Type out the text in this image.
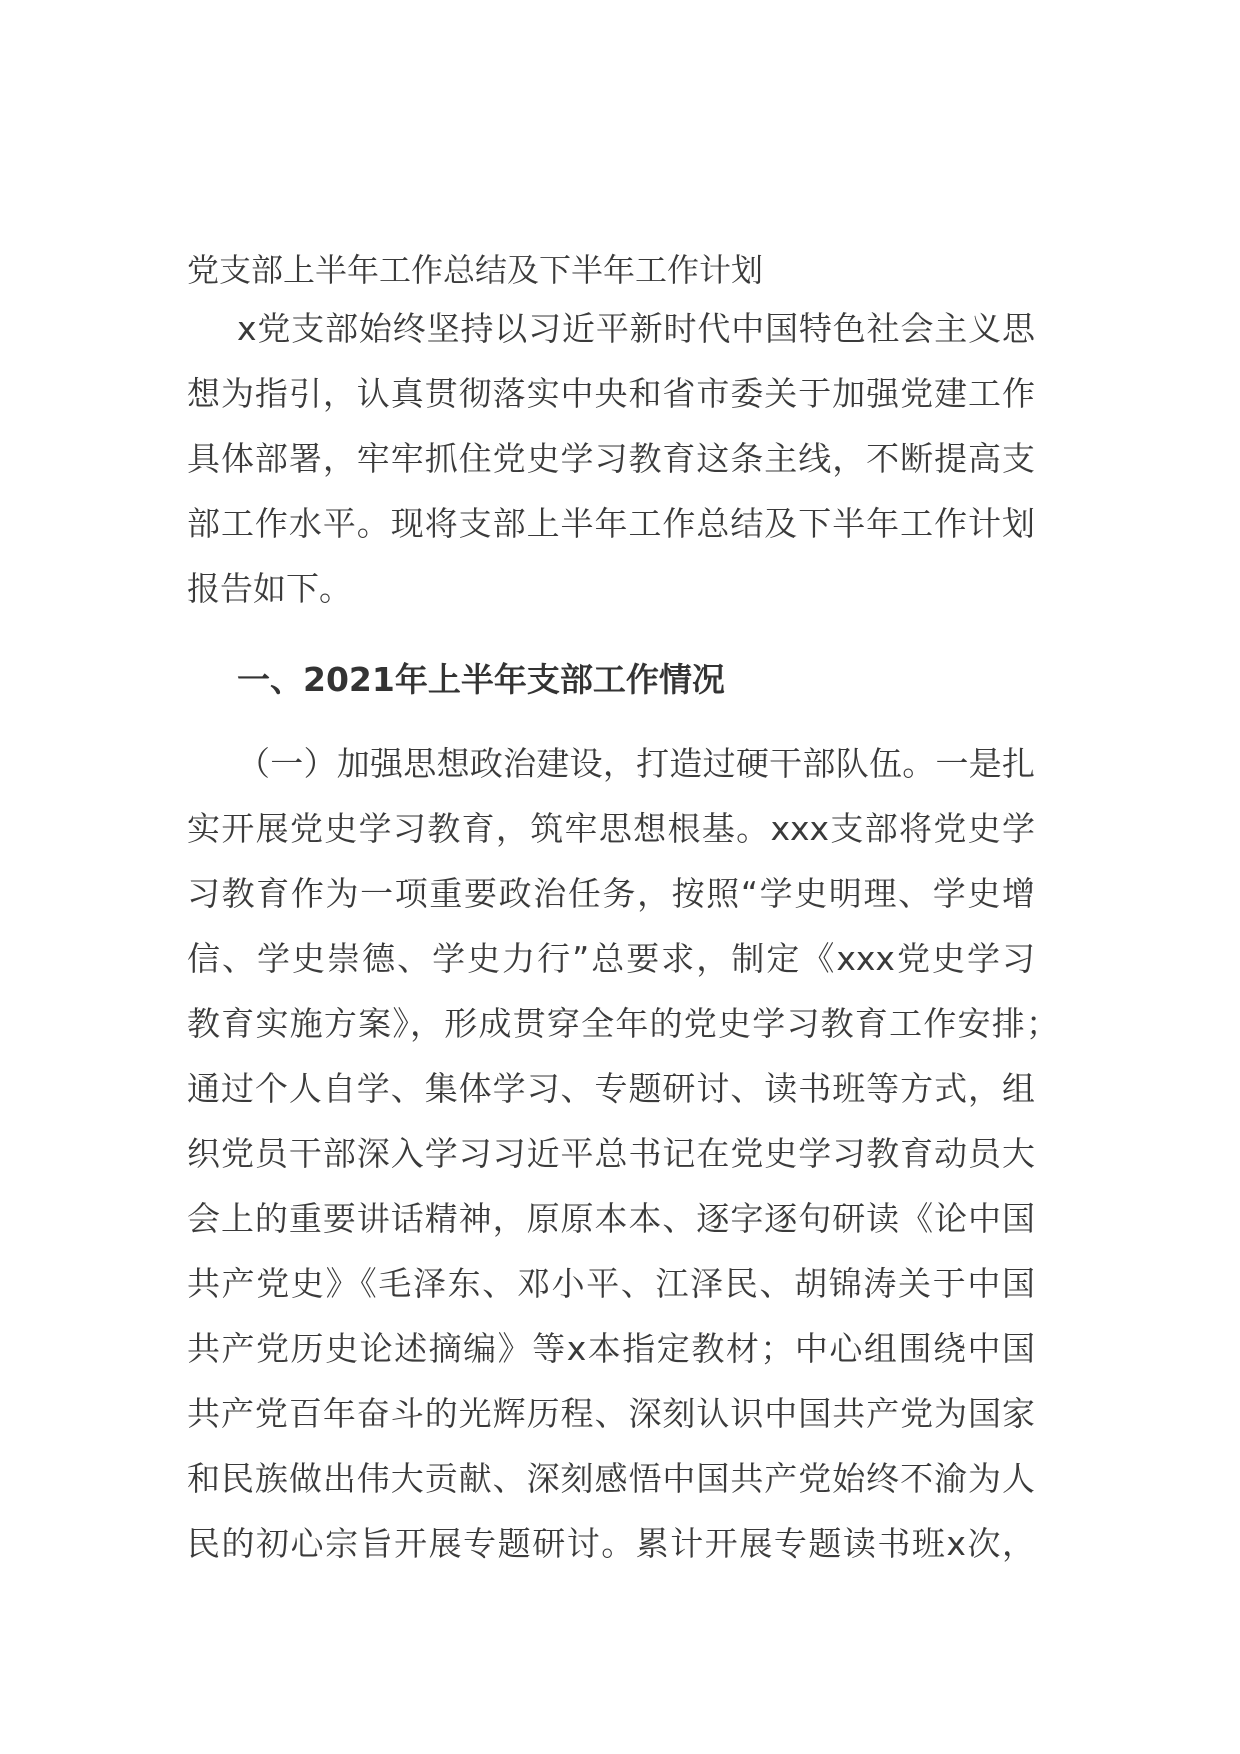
党支部上半年工作总结及下半年工作计划
x党支部始终坚持以习近平新时代中国特色社会主义思
想为指引，认真贯彻落实中央和省市委关于加强党建工作
具体部署，牢牢抓住党史学习教育这条主线，不断提高支
部工作水平。现将支部上半年工作总结及下半年工作计划
报告如下。
一、2021年上半年支部工作情况
（一）加强思想政治建设，打造过硬干部队伍。一是扎
实开展党史学习教育，筑牢思想根基。xxx支部将党史学
习教育作为一项重要政治任务，按照“学史明理、学史增
信、学史崇德、学史力行”总要求，制定《xxx党史学习
教育实施方案》，形成贯穿全年的党史学习教育工作安排；
通过个人自学、集体学习、专题研讨、读书班等方式，组
织党员干部深入学习习近平总书记在党史学习教育动员大
会上的重要讲话精神，原原本本、逐字逐句研读《论中国
共产党史》《毛泽东、邓小平、江泽民、胡锦涛关于中国
共产党历史论述摘编》等x本指定教材；中心组围绕中国
共产党百年奋斗的光辉历程、深刻认识中国共产党为国家
和民族做出伟大贡献、深刻感悟中国共产党始终不渝为人
民的初心宗旨开展专题研讨。累计开展专题读书班x次，
